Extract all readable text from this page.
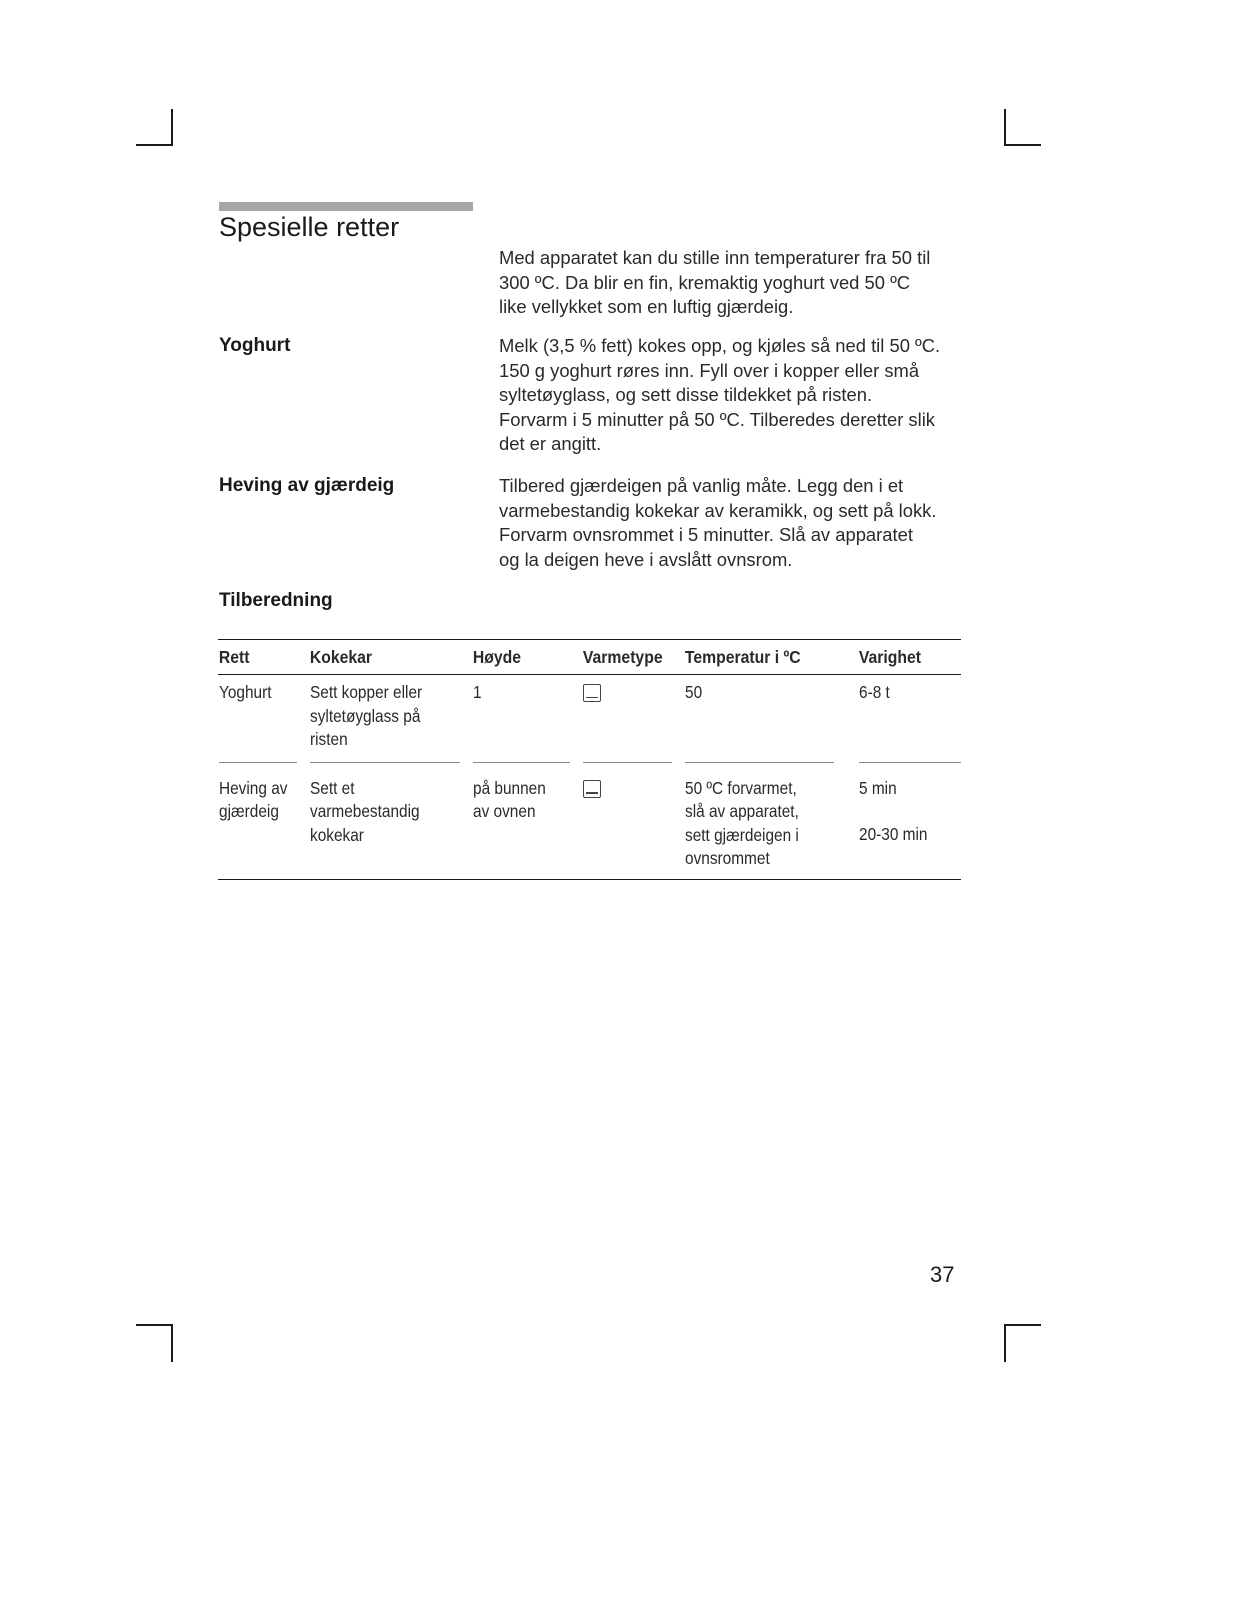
Spesielle retter

Med apparatet kan du stille inn temperaturer fra 50 til
300 ºC. Da blir en fin, kremaktig yoghurt ved 50 ºC
like vellykket som en luftig gjærdeig.

Yoghurt	Melk (3,5 % fett) kokes opp, og kjøles så ned til 50 ºC.
150 g yoghurt røres inn. Fyll over i kopper eller små
syltetøyglass, og sett disse tildekket på risten.
Forvarm i 5 minutter på 50 ºC. Tilberedes deretter slik
det er angitt.

Heving av gjærdeig	Tilbered gjærdeigen på vanlig måte. Legg den i et
varmebestandig kokekar av keramikk, og sett på lokk.
Forvarm ovnsrommet i 5 minutter. Slå av apparatet
og la deigen heve i avslått ovnsrom.

Tilberedning
Rett	Kokekar	Høyde	Varmetype	Temperatur i ºC	Varighet

Yoghurt	Sett kopper eller
syltetøyglass på
risten	1		50	6-8 t

Heving av
gjærdeig	Sett et
varmebestandig
kokekar	på bunnen
av ovnen		50 ºC forvarmet,
slå av apparatet,
sett gjærdeigen i
ovnsrommet	5 min
20-30 min

37
